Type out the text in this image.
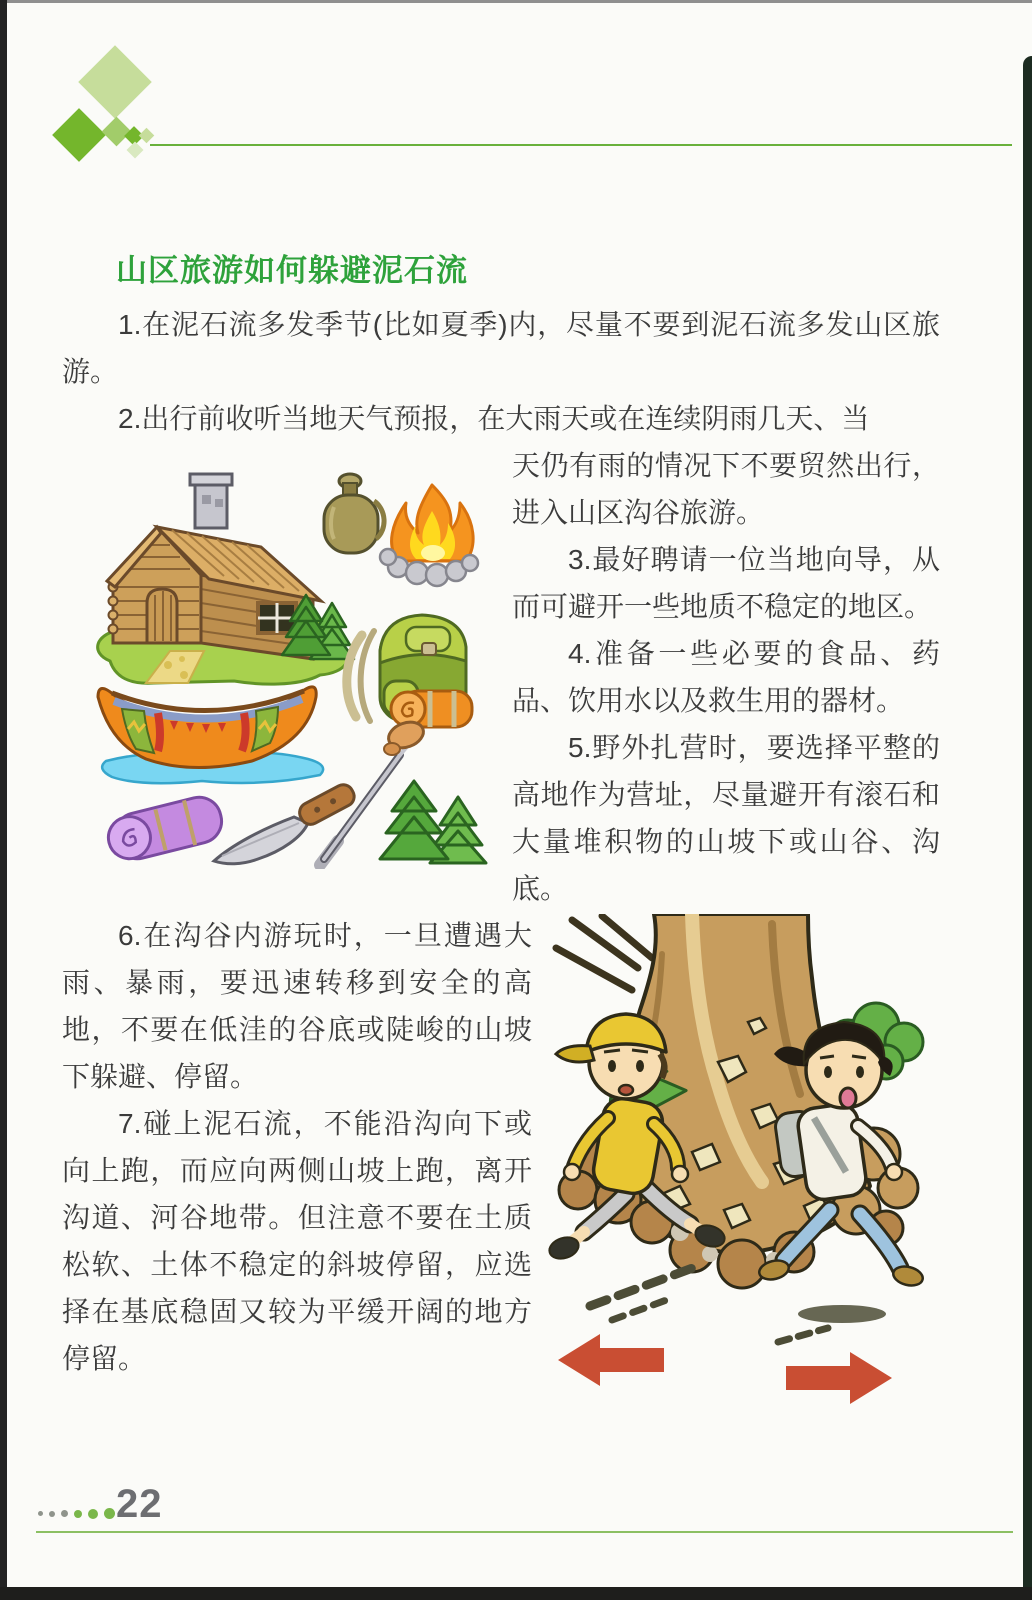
山区旅游如何躲避泥石流

1.在泥石流多发季节(比如夏季)内，尽量不要到泥石流多发山区旅游。

2.出行前收听当地天气预报，在大雨天或在连续阴雨几天、当

天仍有雨的情况下不要贸然出行，进入山区沟谷旅游。

3.最好聘请一位当地向导，从而可避开一些地质不稳定的地区。

4.准备一些必要的食品、药品、饮用水以及救生用的器材。

5.野外扎营时，要选择平整的高地作为营址，尽量避开有滚石和大量堆积物的山坡下或山谷、沟底。

6.在沟谷内游玩时，一旦遭遇大雨、暴雨，要迅速转移到安全的高地，不要在低洼的谷底或陡峻的山坡下躲避、停留。

7.碰上泥石流，不能沿沟向下或向上跑，而应向两侧山坡上跑，离开沟道、河谷地带。但注意不要在土质松软、土体不稳定的斜坡停留，应选择在基底稳固又较为平缓开阔的地方停留。

22
